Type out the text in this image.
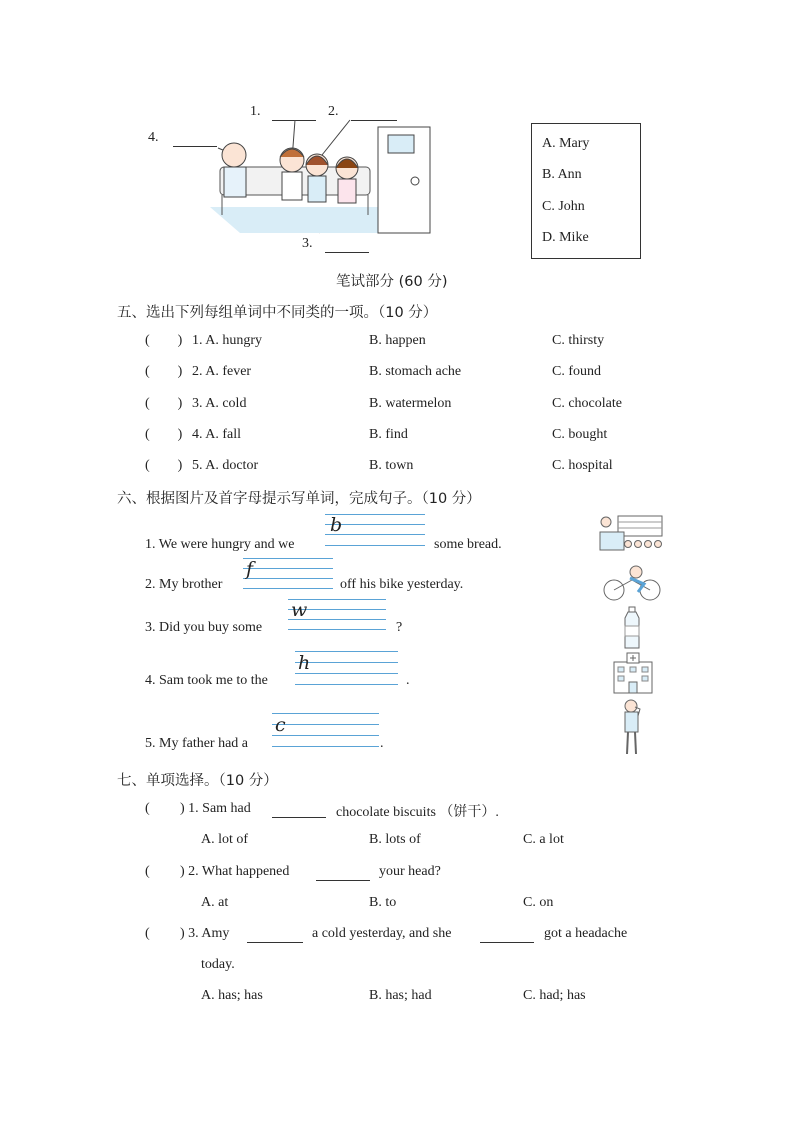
1.	2.
4.
3.
A. Mary
B. Ann
C. John
D. Mike
笔试部分 (60 分)
五、选出下列每组单词中不同类的一项。（10 分）
(        ) 1. A. hungry	B. happen	C. thirsty
(        ) 2. A. fever	B. stomach ache	C. found
(        ) 3. A. cold	B. watermelon	C. chocolate
(        ) 4. A. fall	B. find	C. bought
(        ) 5. A. doctor	B. town	C. hospital
六、根据图片及首字母提示写单词，完成句子。（10 分）
1. We were hungry and we
b
some bread.
2. My brother
f
off his bike yesterday.
3. Did you buy some
w
?
4. Sam took me to the
h
.
5. My father had a
c
.
七、单项选择。（10 分）
( ) 1. Sam had	chocolate biscuits （饼干）.
A. lot of	B. lots of	C. a lot
( ) 2. What happened	your head?
A. at	B. to	C. on
( ) 3. Amy	a cold yesterday, and she	got a headache
today.
A. has; has	B. has; had	C. had; has
